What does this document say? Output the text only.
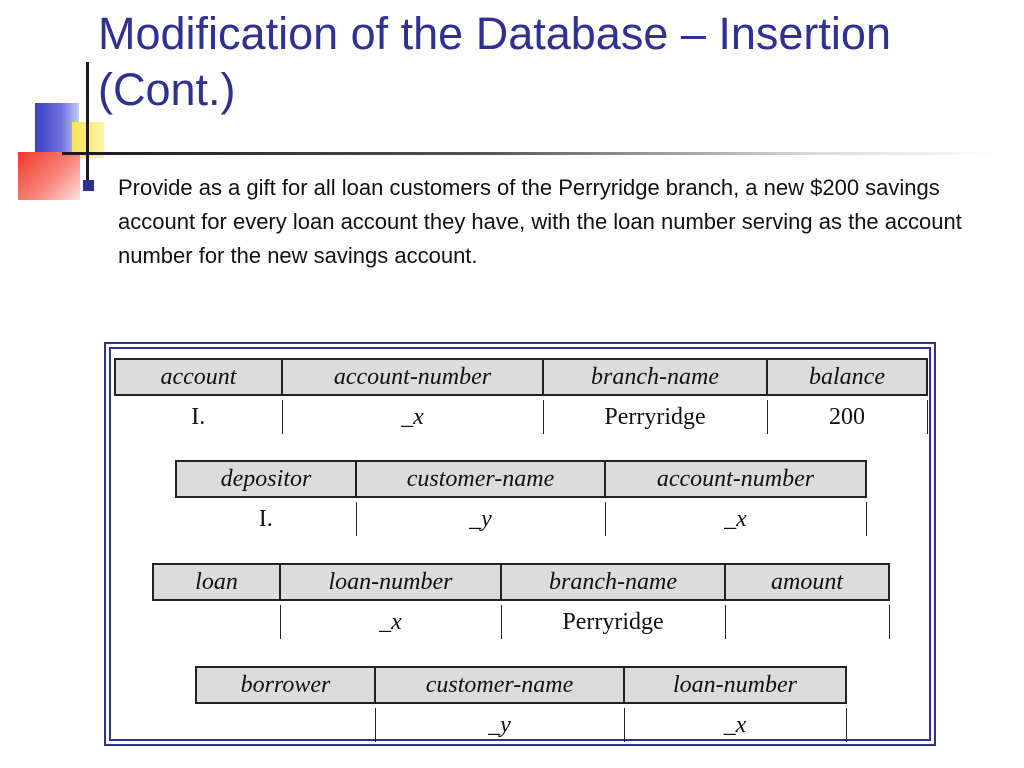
Modification of the Database – Insertion (Cont.)

Provide as a gift for all loan customers of the Perryridge branch, a new $200 savings account for every loan account they have, with the loan number serving as the account number for the new savings account.

account	account-number	branch-name	balance

I.	_x	Perryridge	200
depositor	customer-name	account-number

I.	_y	_x
loan	loan-number	branch-name	amount

	_x	Perryridge	
borrower	customer-name	loan-number

	_y	_x
